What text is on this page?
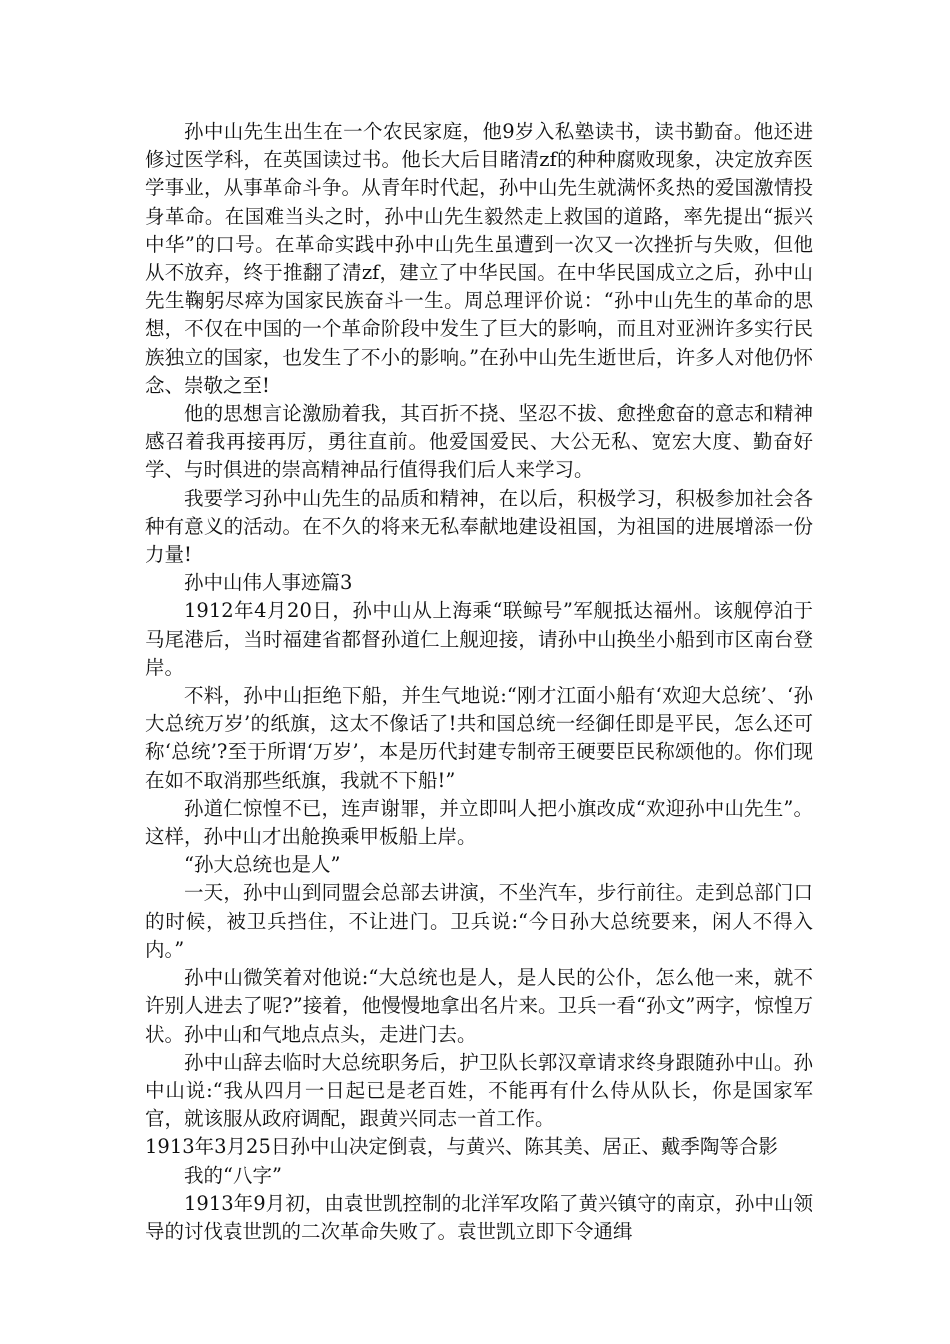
孙中山先生出生在一个农民家庭，他9岁入私塾读书，读书勤奋。他还进修过医学科，在英国读过书。他长大后目睹清zf的种种腐败现象，决定放弃医学事业，从事革命斗争。从青年时代起，孙中山先生就满怀炙热的爱国激情投身革命。在国难当头之时，孙中山先生毅然走上救国的道路，率先提出“振兴中华”的口号。在革命实践中孙中山先生虽遭到一次又一次挫折与失败，但他从不放弃，终于推翻了清zf，建立了中华民国。在中华民国成立之后，孙中山先生鞠躬尽瘁为国家民族奋斗一生。周总理评价说：“孙中山先生的革命的思想，不仅在中国的一个革命阶段中发生了巨大的影响，而且对亚洲许多实行民族独立的国家，也发生了不小的影响。”在孙中山先生逝世后，许多人对他仍怀念、崇敬之至!

他的思想言论激励着我，其百折不挠、坚忍不拔、愈挫愈奋的意志和精神感召着我再接再厉，勇往直前。他爱国爱民、大公无私、宽宏大度、勤奋好学、与时俱进的崇高精神品行值得我们后人来学习。

我要学习孙中山先生的品质和精神，在以后，积极学习，积极参加社会各种有意义的活动。在不久的将来无私奉献地建设祖国，为祖国的进展增添一份力量!

孙中山伟人事迹篇3

1912年4月20日，孙中山从上海乘“联鲸号”军舰抵达福州。该舰停泊于马尾港后，当时福建省都督孙道仁上舰迎接，请孙中山换坐小船到市区南台登岸。

不料，孙中山拒绝下船，并生气地说:“刚才江面小船有‘欢迎大总统’、‘孙大总统万岁’的纸旗，这太不像话了!共和国总统一经御任即是平民，怎么还可称‘总统’?至于所谓‘万岁’，本是历代封建专制帝王硬要臣民称颂他的。你们现在如不取消那些纸旗，我就不下船!”

孙道仁惊惶不已，连声谢罪，并立即叫人把小旗改成“欢迎孙中山先生”。这样，孙中山才出舱换乘甲板船上岸。

“孙大总统也是人”

一天，孙中山到同盟会总部去讲演，不坐汽车，步行前往。走到总部门口的时候，被卫兵挡住，不让进门。卫兵说:“今日孙大总统要来，闲人不得入内。”

孙中山微笑着对他说:“大总统也是人，是人民的公仆，怎么他一来，就不许别人进去了呢?”接着，他慢慢地拿出名片来。卫兵一看“孙文”两字，惊惶万状。孙中山和气地点点头，走进门去。

孙中山辞去临时大总统职务后，护卫队长郭汉章请求终身跟随孙中山。孙中山说:“我从四月一日起已是老百姓，不能再有什么侍从队长，你是国家军官，就该服从政府调配，跟黄兴同志一首工作。

1913年3月25日孙中山决定倒袁，与黄兴、陈其美、居正、戴季陶等合影

我的“八字”

1913年9月初，由袁世凯控制的北洋军攻陷了黄兴镇守的南京，孙中山领导的讨伐袁世凯的二次革命失败了。袁世凯立即下令通缉
